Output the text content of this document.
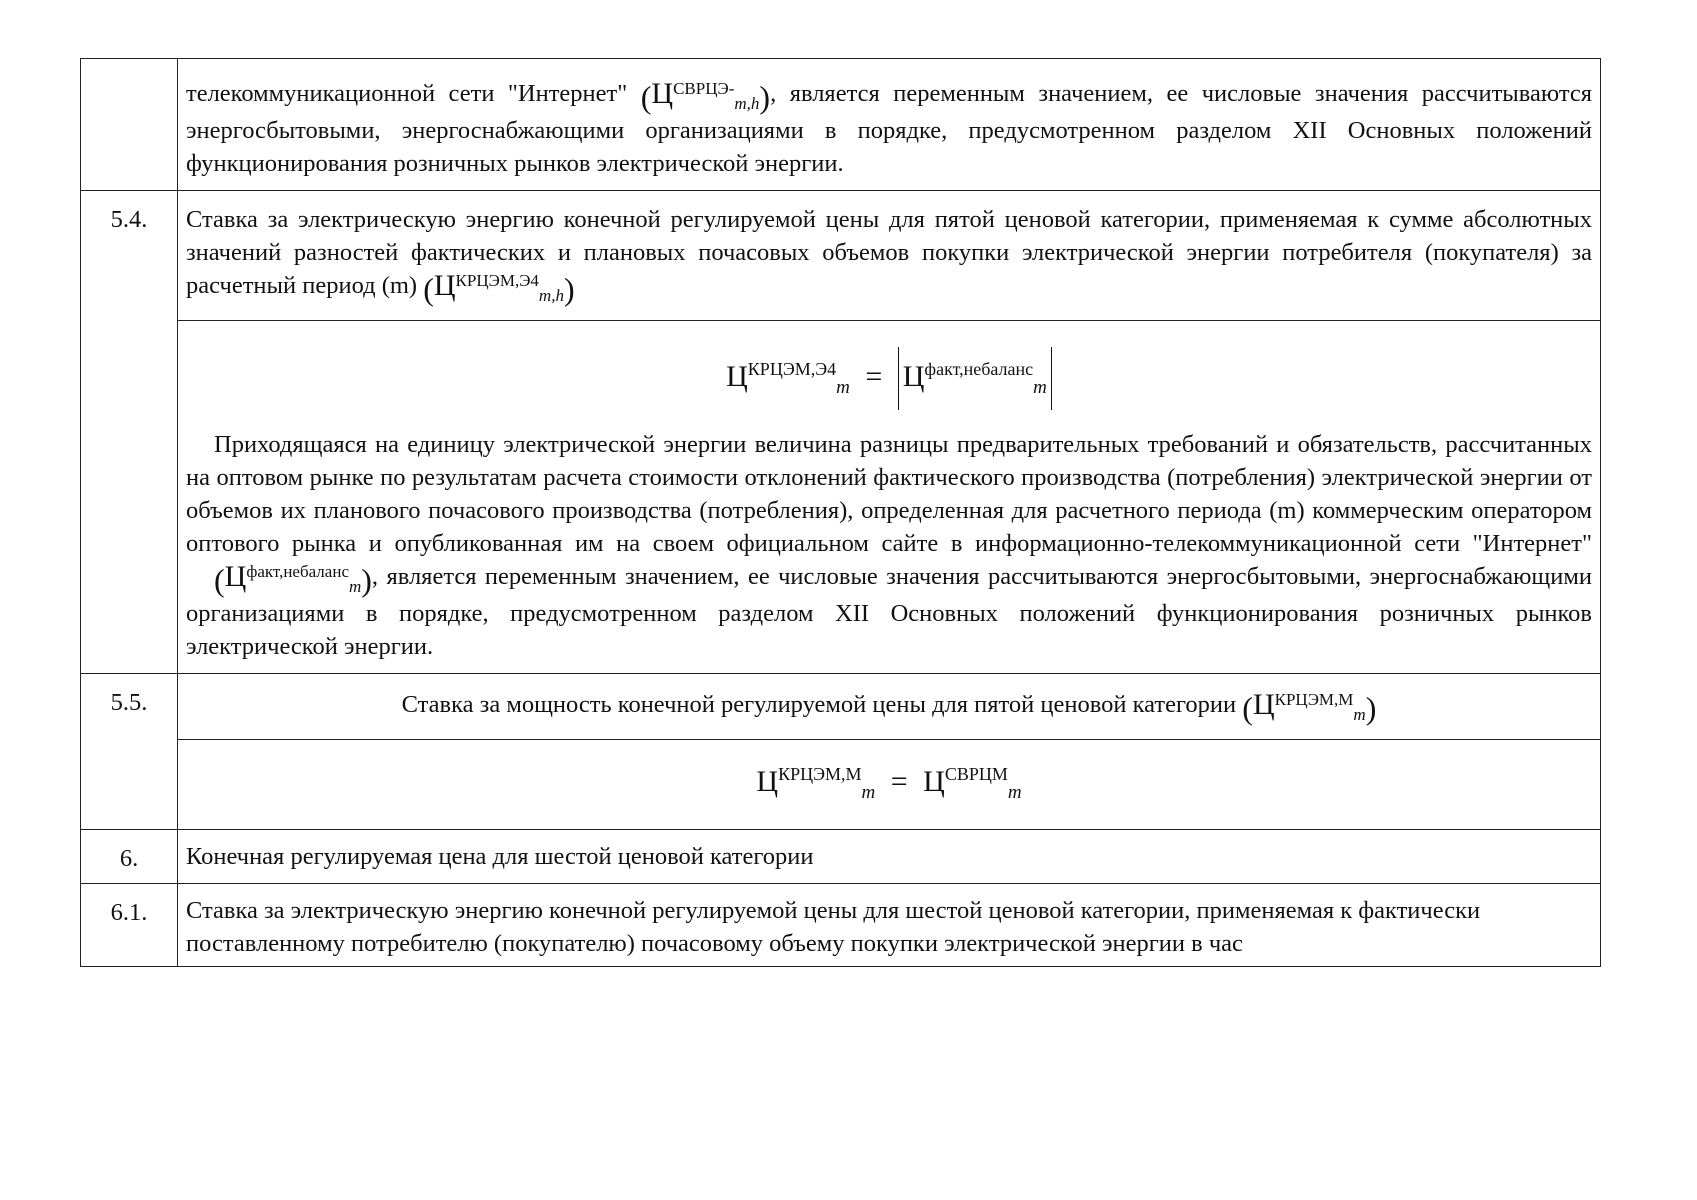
	телекоммуникационной сети "Интернет" $(Ц^{СВРЦЭ-}_{m,h})$, является переменным значением, ее числовые значения рассчитываются энергосбытовыми, энергоснабжающими организациями в порядке, предусмотренном разделом XII Основных положений функционирования розничных рынков электрической энергии.
5.4.	Ставка за электрическую энергию конечной регулируемой цены для пятой ценовой категории, применяемая к сумме абсолютных значений разностей фактических и плановых почасовых объемов покупки электрической энергии потребителя (покупателя) за расчетный период (m) $(Ц^{КРЦЭМ,Э4}_{m,h})$

	$Ц^{КРЦЭМ,Э4}_m = Ц^{факт,небаланс}_m$
Приходящаяся на единицу электрической энергии величина разницы предварительных требований и обязательств, рассчитанных на оптовом рынке по результатам расчета стоимости отклонений фактического производства (потребления) электрической энергии от объемов их планового почасового производства (потребления), определенная для расчетного периода (m) коммерческим оператором оптового рынка и опубликованная им на своем официальном сайте в информационно-телекоммуникационной сети "Интернет" $(Ц^{факт,небаланс}_m)$, является переменным значением, ее числовые значения рассчитываются энергосбытовыми, энергоснабжающими организациями в порядке, предусмотренном разделом XII Основных положений функционирования розничных рынков электрической энергии.

5.5.	Ставка за мощность конечной регулируемой цены для пятой ценовой категории $(Ц^{КРЦЭМ,М}_m)$

	$Ц^{КРЦЭМ,М}_m = Ц^{СВРЦМ}_m$

6.	Конечная регулируемая цена для шестой ценовой категории
6.1.	Ставка за электрическую энергию конечной регулируемой цены для шестой ценовой категории, применяемая к фактически поставленному потребителю (покупателю) почасовому объему покупки электрической энергии в час
